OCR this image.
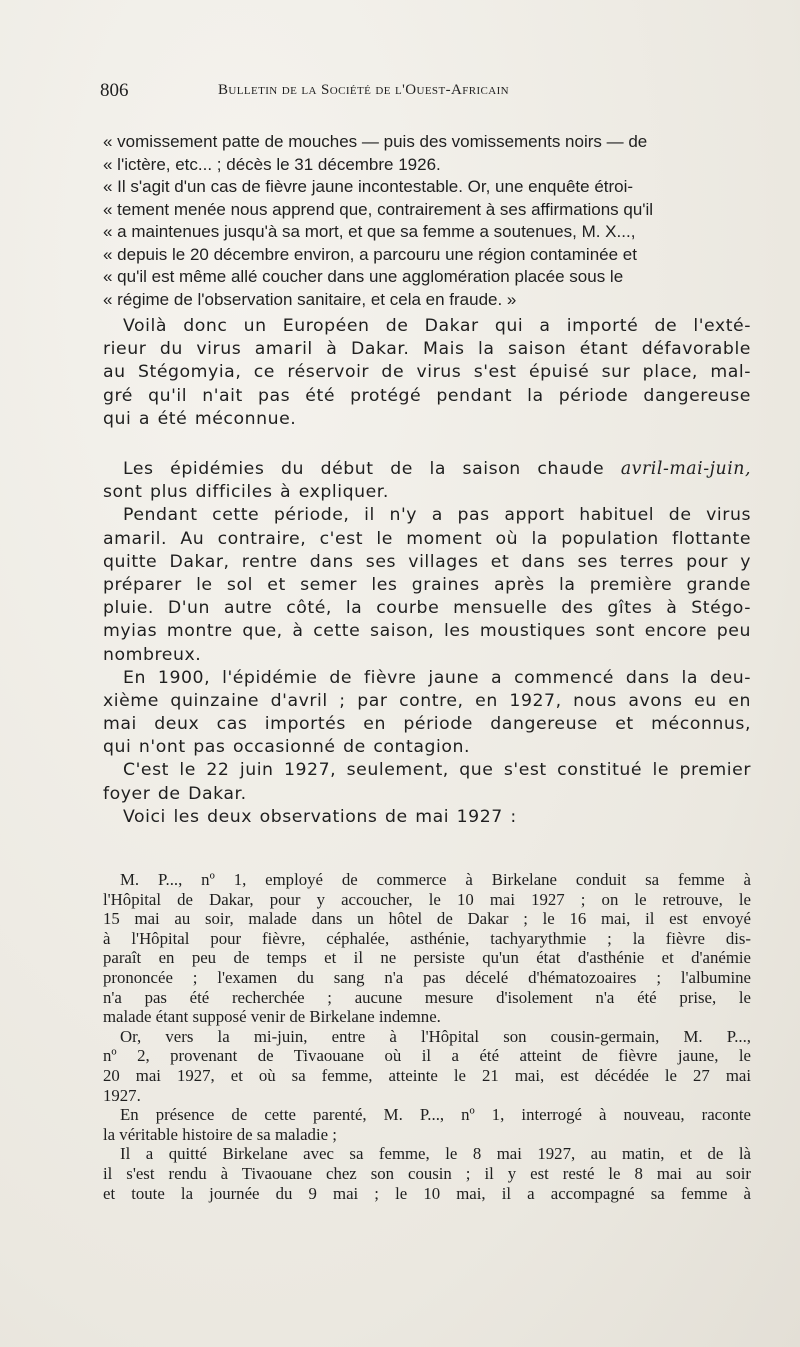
806	Bulletin de la Société de l'Ouest-Africain
« vomissement patte de mouches — puis des vomissements noirs — de
« l'ictère, etc... ; décès le 31 décembre 1926.
« Il s'agit d'un cas de fièvre jaune incontestable. Or, une enquête étroi-
« tement menée nous apprend que, contrairement à ses affirmations qu'il
« a maintenues jusqu'à sa mort, et que sa femme a soutenues, M. X...,
« depuis le 20 décembre environ, a parcouru une région contaminée et
« qu'il est même allé coucher dans une agglomération placée sous le
« régime de l'observation sanitaire, et cela en fraude. »
Voilà donc un Européen de Dakar qui a importé de l'exté-
rieur du virus amaril à Dakar. Mais la saison étant défavorable
au Stégomyia, ce réservoir de virus s'est épuisé sur place, mal-
gré qu'il n'ait pas été protégé pendant la période dangereuse
qui a été méconnue.
Les épidémies du début de la saison chaude avril-mai-juin,
sont plus difficiles à expliquer.
Pendant cette période, il n'y a pas apport habituel de virus
amaril. Au contraire, c'est le moment où la population flottante
quitte Dakar, rentre dans ses villages et dans ses terres pour y
préparer le sol et semer les graines après la première grande
pluie. D'un autre côté, la courbe mensuelle des gîtes à Stégo-
myias montre que, à cette saison, les moustiques sont encore peu
nombreux.
En 1900, l'épidémie de fièvre jaune a commencé dans la deu-
xième quinzaine d'avril ; par contre, en 1927, nous avons eu en
mai deux cas importés en période dangereuse et méconnus,
qui n'ont pas occasionné de contagion.
C'est le 22 juin 1927, seulement, que s'est constitué le premier
foyer de Dakar.
Voici les deux observations de mai 1927 :
M. P..., nº 1, employé de commerce à Birkelane conduit sa femme à
l'Hôpital de Dakar, pour y accoucher, le 10 mai 1927 ; on le retrouve, le
15 mai au soir, malade dans un hôtel de Dakar ; le 16 mai, il est envoyé
à l'Hôpital pour fièvre, céphalée, asthénie, tachyarythmie ; la fièvre dis-
paraît en peu de temps et il ne persiste qu'un état d'asthénie et d'anémie
prononcée ; l'examen du sang n'a pas décelé d'hématozoaires ; l'albumine
n'a pas été recherchée ; aucune mesure d'isolement n'a été prise, le
malade étant supposé venir de Birkelane indemne.
Or, vers la mi-juin, entre à l'Hôpital son cousin-germain, M. P...,
nº 2, provenant de Tivaouane où il a été atteint de fièvre jaune, le
20 mai 1927, et où sa femme, atteinte le 21 mai, est décédée le 27 mai
1927.
En présence de cette parenté, M. P..., nº 1, interrogé à nouveau, raconte
la véritable histoire de sa maladie ;
Il a quitté Birkelane avec sa femme, le 8 mai 1927, au matin, et de là
il s'est rendu à Tivaouane chez son cousin ; il y est resté le 8 mai au soir
et toute la journée du 9 mai ; le 10 mai, il a accompagné sa femme à
